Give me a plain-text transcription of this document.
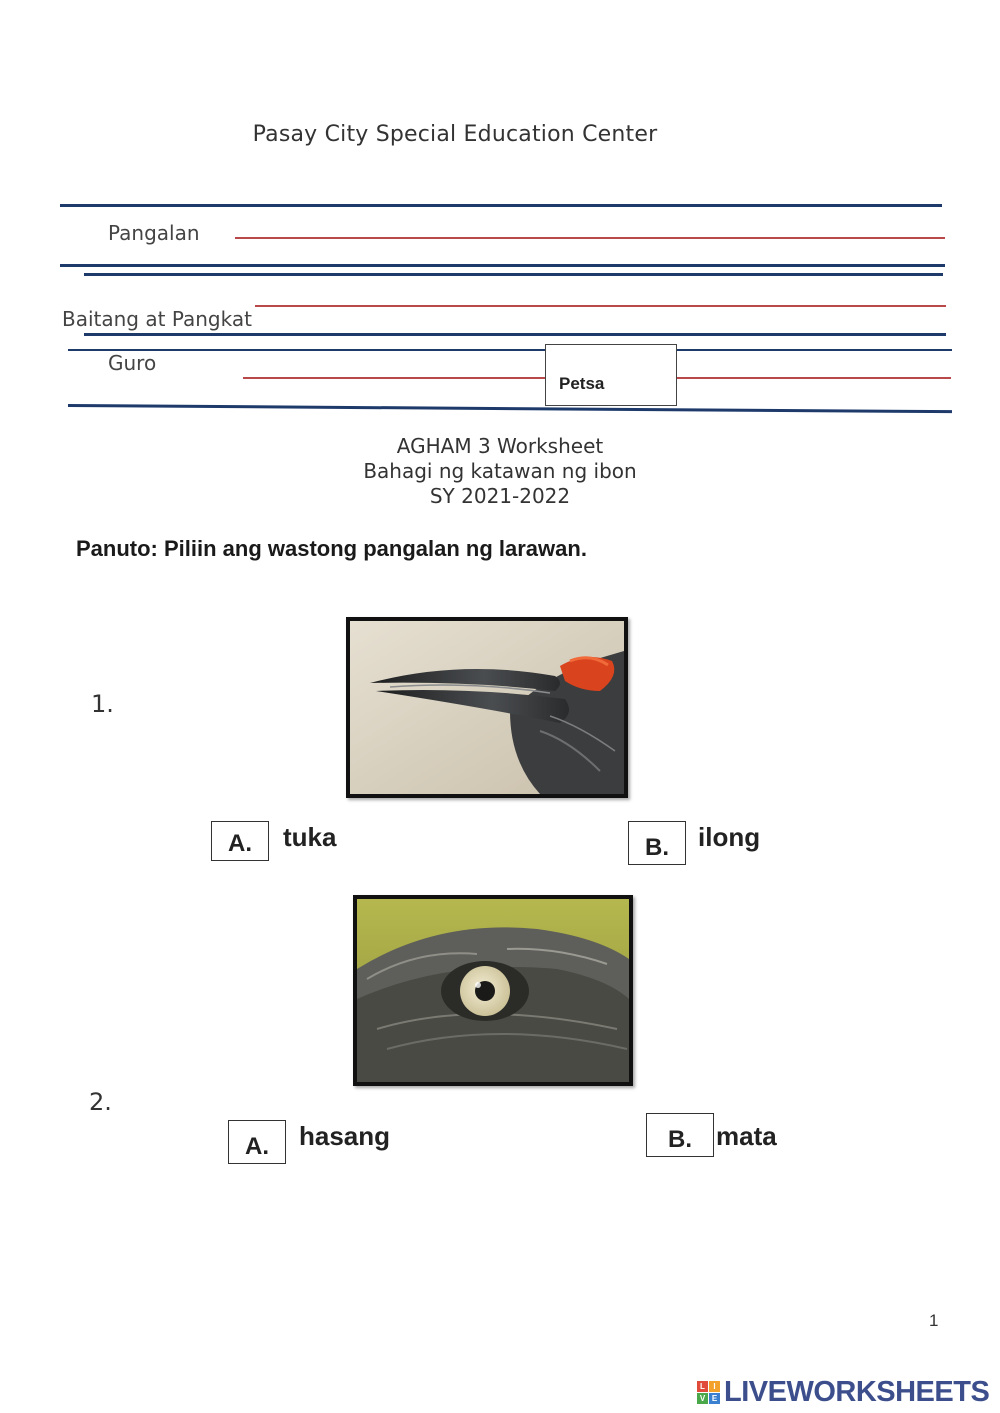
Pasay City Special Education Center
Pangalan
Baitang at Pangkat
Guro
Petsa
AGHAM 3 Worksheet
Bahagi ng katawan ng ibon
SY 2021-2022
Panuto: Piliin ang wastong pangalan ng larawan.
1.
A. tuka	B. ilong
2.
A. hasang	B. mata
1
L	I
V E LIVEWORKSHEETS
